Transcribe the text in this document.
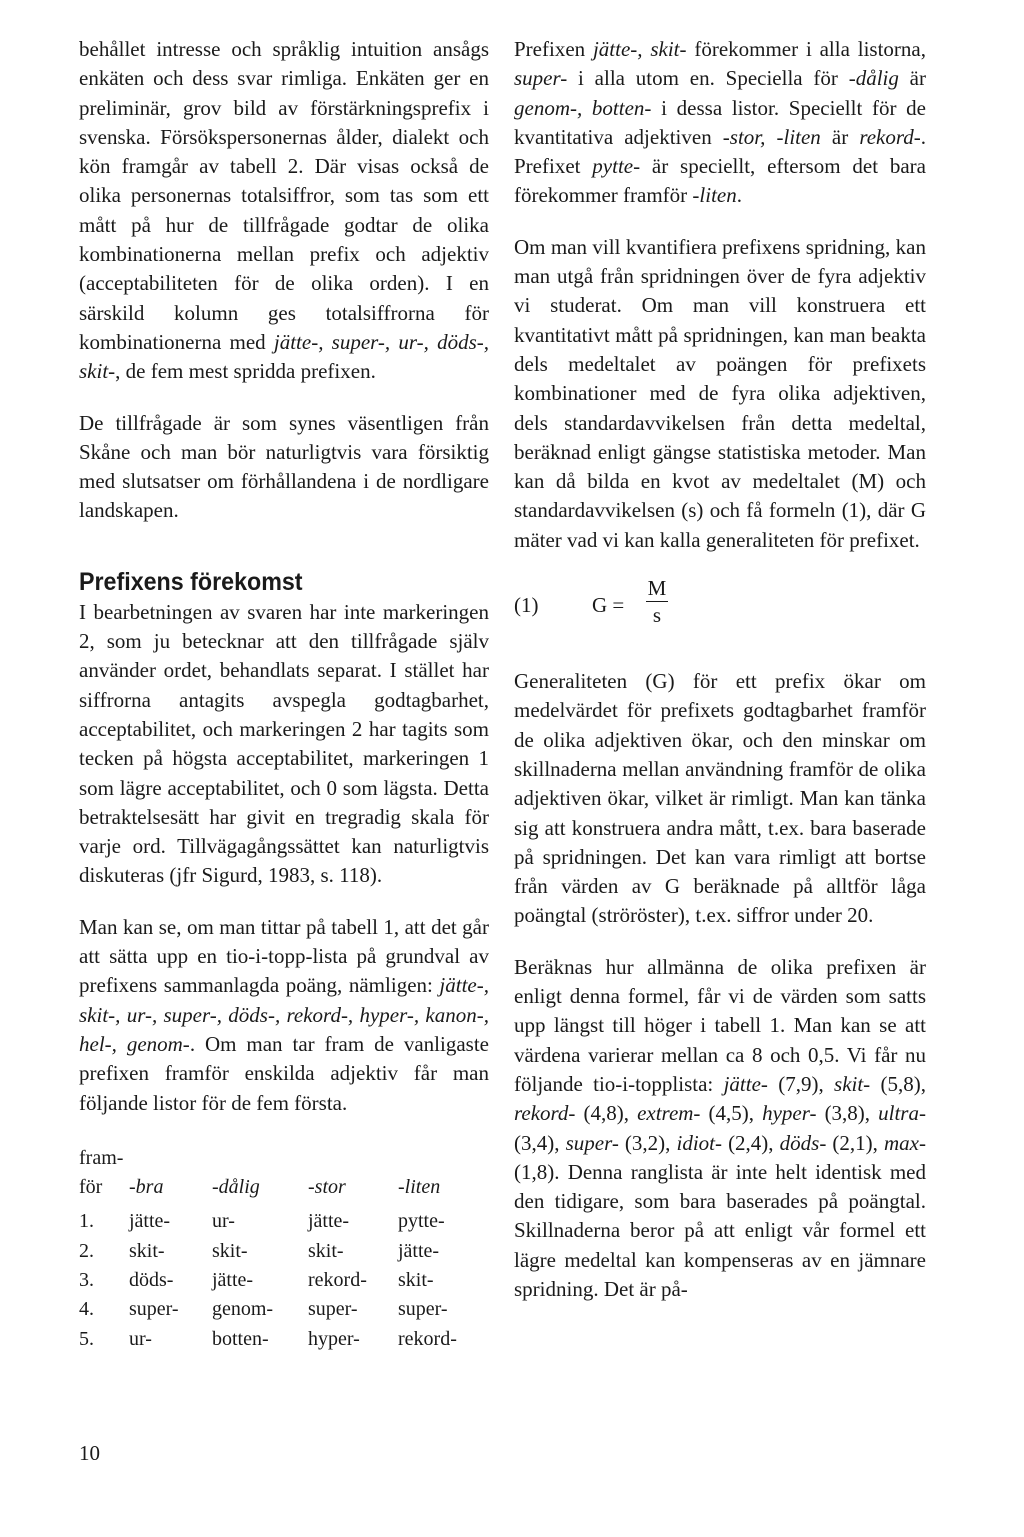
behållet intresse och språklig intuition ansågs enkäten och dess svar rimliga. Enkäten ger en preliminär, grov bild av förstärkningsprefix i svenska. Försökspersonernas ålder, dialekt och kön framgår av tabell 2. Där visas också de olika personernas totalsiffror, som tas som ett mått på hur de tillfrågade godtar de olika kombinationerna mellan prefix och adjektiv (acceptabiliteten för de olika orden). I en särskild kolumn ges totalsiffrorna för kombinationerna med jätte-, super-, ur-, döds-, skit-, de fem mest spridda prefixen.

De tillfrågade är som synes väsentligen från Skåne och man bör naturligtvis vara försiktig med slutsatser om förhållandena i de nordligare landskapen.

Prefixens förekomst

I bearbetningen av svaren har inte markeringen 2, som ju betecknar att den tillfrågade själv använder ordet, behandlats separat. I stället har siffrorna antagits avspegla godtagbarhet, acceptabilitet, och markeringen 2 har tagits som tecken på högsta acceptabilitet, markeringen 1 som lägre acceptabilitet, och 0 som lägsta. Detta betraktelsesätt har givit en tregradig skala för varje ord. Tillvägagångssättet kan naturligtvis diskuteras (jfr Sigurd, 1983, s. 118).

Man kan se, om man tittar på tabell 1, att det går att sätta upp en tio-i-topp-lista på grundval av prefixens sammanlagda poäng, nämligen: jätte-, skit-, ur-, super-, döds-, rekord-, hyper-, kanon-, hel-, genom-. Om man tar fram de vanligaste prefixen framför enskilda adjektiv får man följande listor för de fem första.

fram-
för	-bra	-dålig	-stor	-liten
1.	jätte-	ur-	jätte-	pytte-
2.	skit-	skit-	skit-	jätte-
3.	döds-	jätte-	rekord-	skit-
4.	super-	genom-	super-	super-
5.	ur-	botten-	hyper-	rekord-

Prefixen jätte-, skit- förekommer i alla listorna, super- i alla utom en. Speciella för -dålig är genom-, botten- i dessa listor. Speciellt för de kvantitativa adjektiven -stor, -liten är rekord-. Prefixet pytte- är speciellt, eftersom det bara förekommer framför -liten.

Om man vill kvantifiera prefixens spridning, kan man utgå från spridningen över de fyra adjektiv vi studerat. Om man vill konstruera ett kvantitativt mått på spridningen, kan man beakta dels medeltalet av poängen för prefixets kombinationer med de fyra olika adjektiven, dels standardavvikelsen från detta medeltal, beräknad enligt gängse statistiska metoder. Man kan då bilda en kvot av medeltalet (M) och standardavvikelsen (s) och få formeln (1), där G mäter vad vi kan kalla generaliteten för prefixet.

(1)	$G = \frac{M}{s}$

Generaliteten (G) för ett prefix ökar om medelvärdet för prefixets godtagbarhet framför de olika adjektiven ökar, och den minskar om skillnaderna mellan användning framför de olika adjektiven ökar, vilket är rimligt. Man kan tänka sig att konstruera andra mått, t.ex. bara baserade på spridningen. Det kan vara rimligt att bortse från värden av G beräknade på alltför låga poängtal (ströröster), t.ex. siffror under 20.

Beräknas hur allmänna de olika prefixen är enligt denna formel, får vi de värden som satts upp längst till höger i tabell 1. Man kan se att värdena varierar mellan ca 8 och 0,5. Vi får nu följande tio-i-topplista: jätte- (7,9), skit- (5,8), rekord- (4,8), extrem- (4,5), hyper- (3,8), ultra- (3,4), super- (3,2), idiot- (2,4), döds- (2,1), max- (1,8). Denna ranglista är inte helt identisk med den tidigare, som bara baserades på poängtal. Skillnaderna beror på att enligt vår formel ett lägre medeltal kan kompenseras av en jämnare spridning. Det är på-

10
